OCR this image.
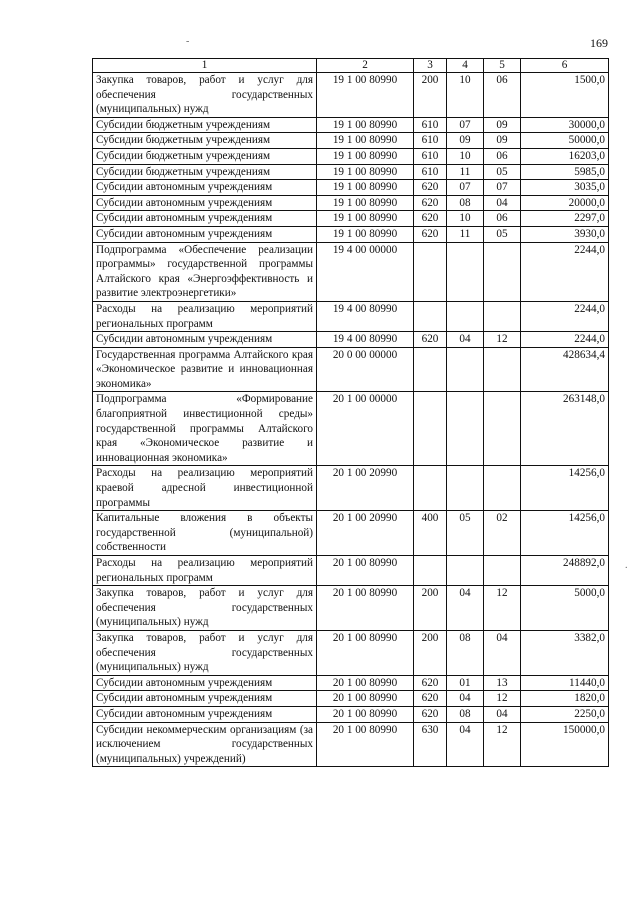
169
-
.
1	2	3	4	5	6
Закупка товаров, работ и услуг для обеспечения государственных (муниципальных) нужд	19 1 00 80990	200	10	06	1500,0
Субсидии бюджетным учреждениям	19 1 00 80990	610	07	09	30000,0
Субсидии бюджетным учреждениям	19 1 00 80990	610	09	09	50000,0
Субсидии бюджетным учреждениям	19 1 00 80990	610	10	06	16203,0
Субсидии бюджетным учреждениям	19 1 00 80990	610	11	05	5985,0
Субсидии автономным учреждениям	19 1 00 80990	620	07	07	3035,0
Субсидии автономным учреждениям	19 1 00 80990	620	08	04	20000,0
Субсидии автономным учреждениям	19 1 00 80990	620	10	06	2297,0
Субсидии автономным учреждениям	19 1 00 80990	620	11	05	3930,0
Подпрограмма «Обеспечение реализации программы» государственной программы Алтайского края «Энергоэффективность и развитие электроэнергетики»	19 4 00 00000				2244,0
Расходы на реализацию мероприятий региональных программ	19 4 00 80990				2244,0
Субсидии автономным учреждениям	19 4 00 80990	620	04	12	2244,0
Государственная программа Алтайского края «Экономическое развитие и инновационная экономика»	20 0 00 00000				428634,4
Подпрограмма «Формирование благоприятной инвестиционной среды» государственной программы Алтайского края «Экономическое развитие и инновационная экономика»	20 1 00 00000				263148,0
Расходы на реализацию мероприятий краевой адресной инвестиционной программы	20 1 00 20990				14256,0
Капитальные вложения в объекты государственной (муниципальной) собственности	20 1 00 20990	400	05	02	14256,0
Расходы на реализацию мероприятий региональных программ	20 1 00 80990				248892,0
Закупка товаров, работ и услуг для обеспечения государственных (муниципальных) нужд	20 1 00 80990	200	04	12	5000,0
Закупка товаров, работ и услуг для обеспечения государственных (муниципальных) нужд	20 1 00 80990	200	08	04	3382,0
Субсидии автономным учреждениям	20 1 00 80990	620	01	13	11440,0
Субсидии автономным учреждениям	20 1 00 80990	620	04	12	1820,0
Субсидии автономным учреждениям	20 1 00 80990	620	08	04	2250,0
Субсидии некоммерческим организациям (за исключением государственных (муниципальных) учреждений)	20 1 00 80990	630	04	12	150000,0
